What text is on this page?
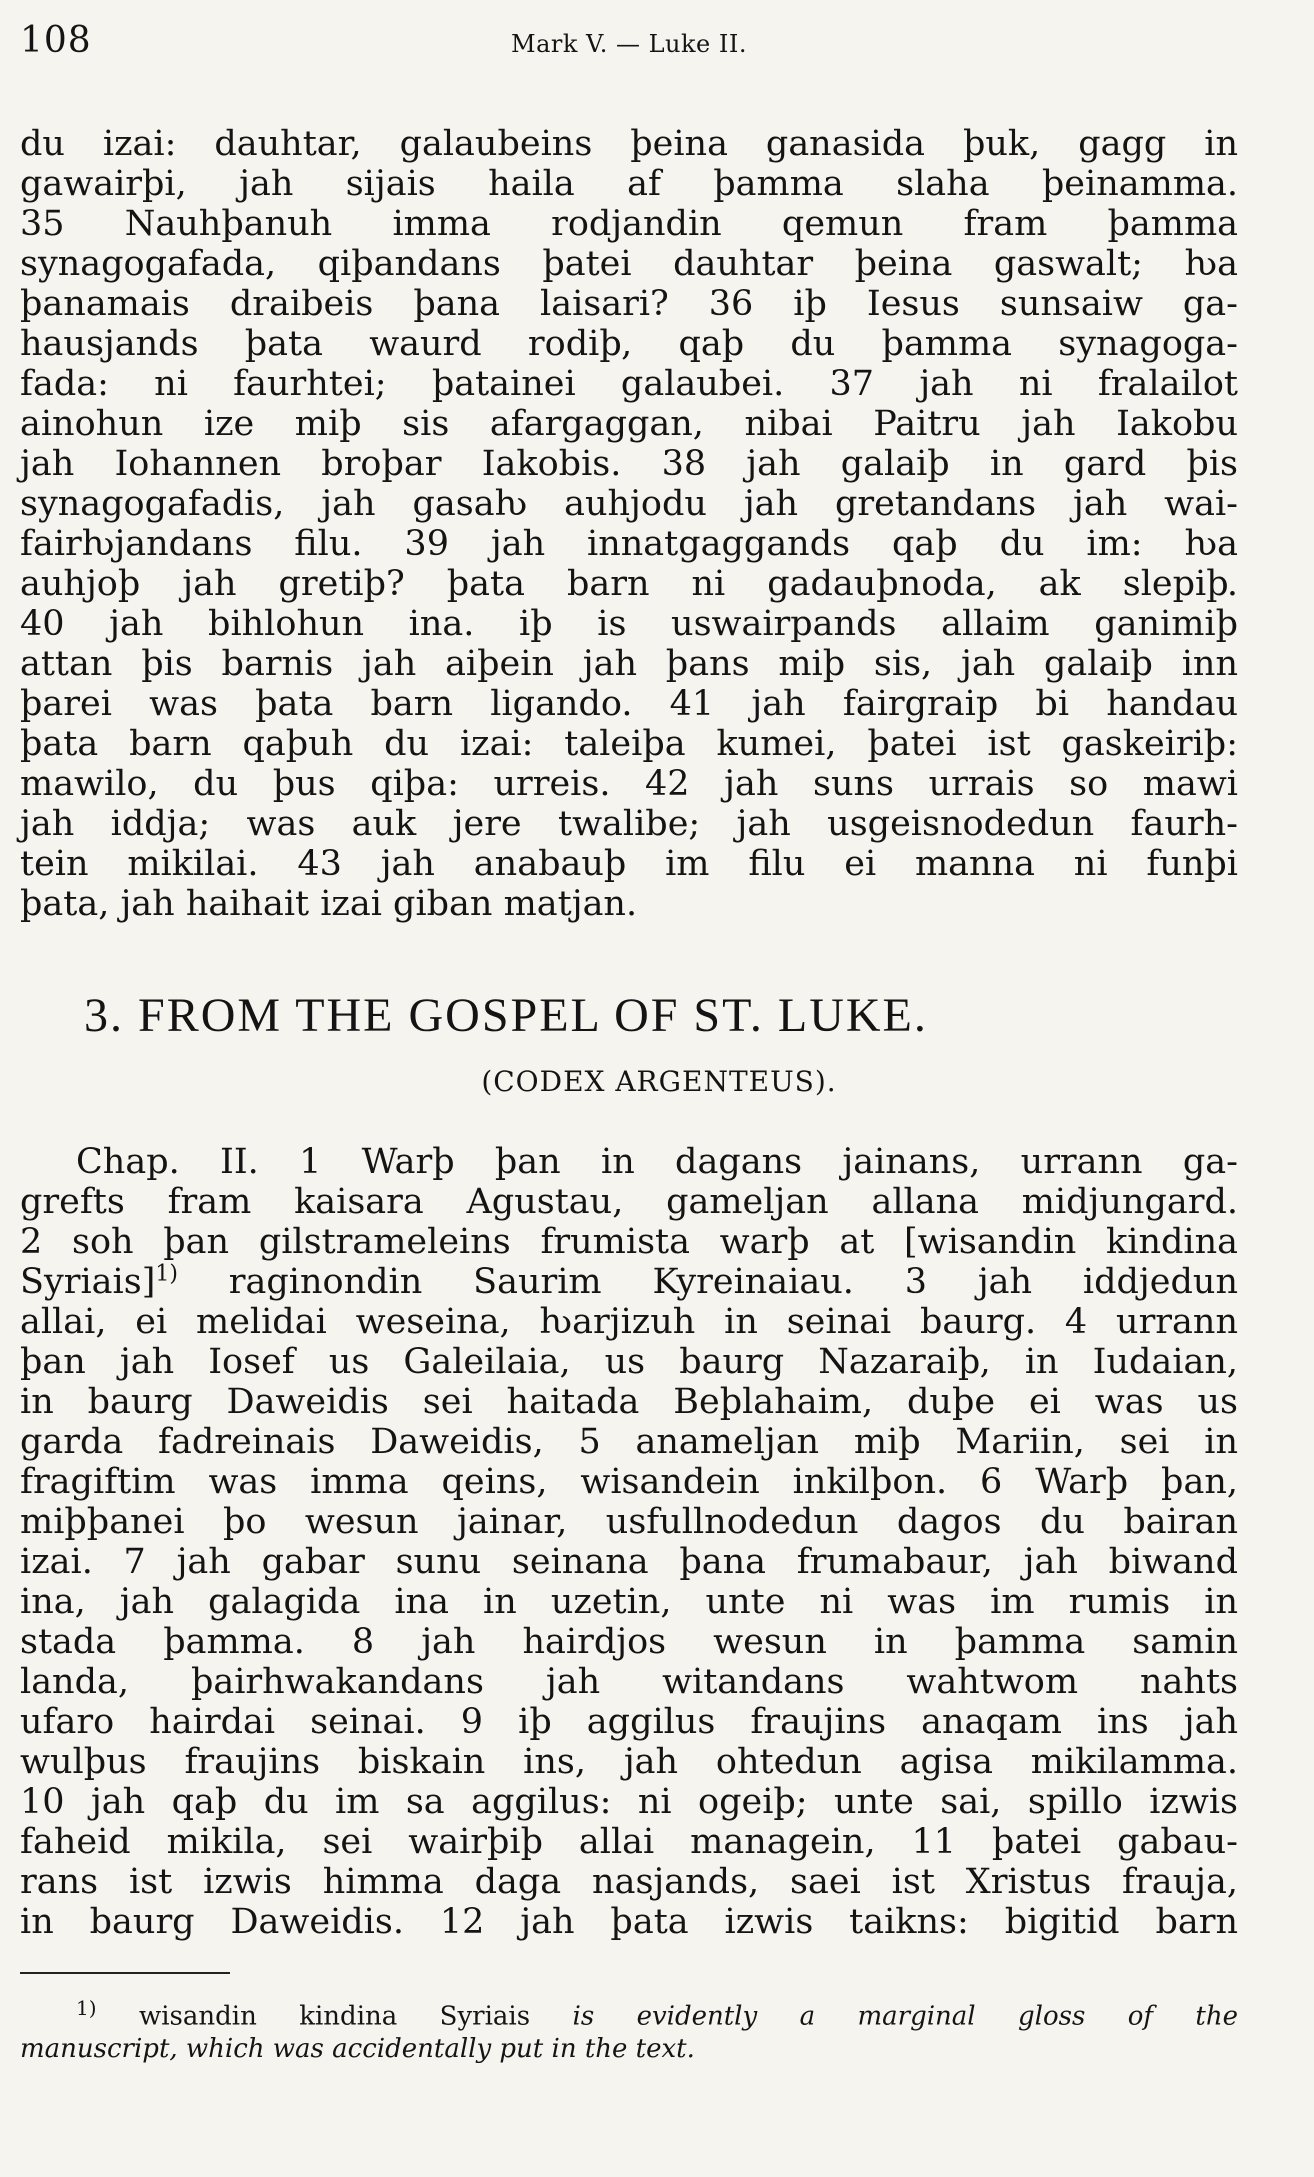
108	Mark V. — Luke II.
du izai: dauhtar, galaubeins þeina ganasida þuk, gagg in
gawairþi, jah sijais haila af þamma slaha þeinamma.
35 Nauhþanuh imma rodjandin qemun fram þamma
synagogafada, qiþandans þatei dauhtar þeina gaswalt; ƕa
þanamais draibeis þana laisari? 36 iþ Iesus sunsaiw ga-
hausjands þata waurd rodiþ, qaþ du þamma synagoga-
fada: ni faurhtei; þatainei galaubei. 37 jah ni fralailot
ainohun ize miþ sis afargaggan, nibai Paitru jah Iakobu
jah Iohannen broþar Iakobis. 38 jah galaiþ in gard þis
synagogafadis, jah gasaƕ auhjodu jah gretandans jah wai-
fairƕjandans filu. 39 jah innatgaggands qaþ du im: ƕa
auhjoþ jah gretiþ? þata barn ni gadauþnoda, ak slepiþ.
40 jah bihlohun ina. iþ is uswairpands allaim ganimiþ
attan þis barnis jah aiþein jah þans miþ sis, jah galaiþ inn
þarei was þata barn ligando. 41 jah fairgraip bi handau
þata barn qaþuh du izai: taleiþa kumei, þatei ist gaskeiriþ:
mawilo, du þus qiþa: urreis. 42 jah suns urrais so mawi
jah iddja; was auk jere twalibe; jah usgeisnodedun faurh-
tein mikilai. 43 jah anabauþ im filu ei manna ni funþi
þata, jah haihait izai giban matjan.
3. FROM THE GOSPEL OF ST. LUKE.
(CODEX ARGENTEUS).
Chap. II. 1 Warþ þan in dagans jainans, urrann ga-
grefts fram kaisara Agustau, gameljan allana midjungard.
2 soh þan gilstrameleins frumista warþ at [wisandin kindina
Syriais]$^{1)}$ raginondin Saurim Kyreinaiau. 3 jah iddjedun
allai, ei melidai weseina, ƕarjizuh in seinai baurg. 4 urrann
þan jah Iosef us Galeilaia, us baurg Nazaraiþ, in Iudaian,
in baurg Daweidis sei haitada Beþlahaim, duþe ei was us
garda fadreinais Daweidis, 5 anameljan miþ Mariin, sei in
fragiftim was imma qeins, wisandein inkilþon. 6 Warþ þan,
miþþanei þo wesun jainar, usfullnodedun dagos du bairan
izai. 7 jah gabar sunu seinana þana frumabaur, jah biwand
ina, jah galagida ina in uzetin, unte ni was im rumis in
stada þamma. 8 jah hairdjos wesun in þamma samin
landa, þairhwakandans jah witandans wahtwom nahts
ufaro hairdai seinai. 9 iþ aggilus fraujins anaqam ins jah
wulþus fraujins biskain ins, jah ohtedun agisa mikilamma.
10 jah qaþ du im sa aggilus: ni ogeiþ; unte sai, spillo izwis
faheid mikila, sei wairþiþ allai managein, 11 þatei gabau-
rans ist izwis himma daga nasjands, saei ist Xristus frauja,
in baurg Daweidis. 12 jah þata izwis taikns: bigitid barn
$^{1)}$ wisandin kindina Syriais is evidently a marginal gloss of the
manuscript, which was accidentally put in the text.
